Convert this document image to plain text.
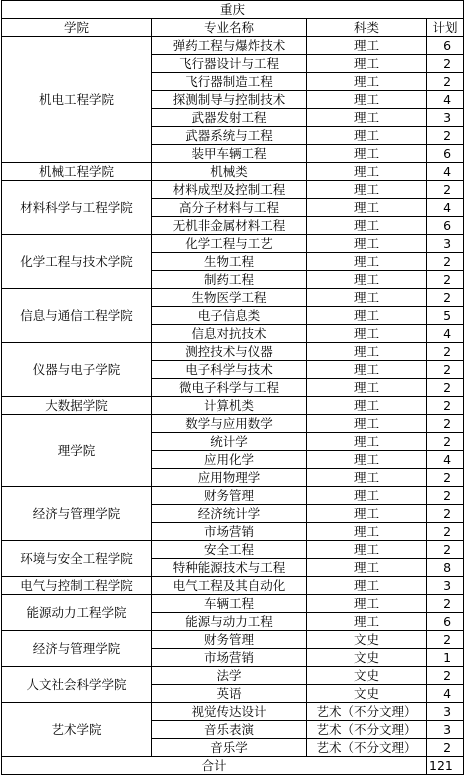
重庆			
学院	专业名称	科类	计划
机电工程学院	弹药工程与爆炸技术	理工	6
	飞行器设计与工程	理工	2
	飞行器制造工程	理工	2
	探测制导与控制技术	理工	4
	武器发射工程	理工	3
	武器系统与工程	理工	2
	装甲车辆工程	理工	6
机械工程学院	机械类	理工	4
材料科学与工程学院	材料成型及控制工程	理工	2
	高分子材料与工程	理工	4
	无机非金属材料工程	理工	6
化学工程与技术学院	化学工程与工艺	理工	3
	生物工程	理工	2
	制药工程	理工	2
信息与通信工程学院	生物医学工程	理工	2
	电子信息类	理工	5
	信息对抗技术	理工	4
仪器与电子学院	测控技术与仪器	理工	2
	电子科学与技术	理工	2
	微电子科学与工程	理工	2
大数据学院	计算机类	理工	2
理学院	数学与应用数学	理工	2
	统计学	理工	2
	应用化学	理工	4
	应用物理学	理工	2
经济与管理学院	财务管理	理工	2
	经济统计学	理工	2
	市场营销	理工	2
环境与安全工程学院	安全工程	理工	2
	特种能源技术与工程	理工	8
电气与控制工程学院	电气工程及其自动化	理工	3
能源动力工程学院	车辆工程	理工	2
	能源与动力工程	理工	6
经济与管理学院	财务管理	文史	2
	市场营销	文史	1
人文社会科学学院	法学	文史	2
	英语	文史	4
艺术学院	视觉传达设计	艺术（不分文理）	3
	音乐表演	艺术（不分文理）	3
	音乐学	艺术（不分文理）	2
合计			121
